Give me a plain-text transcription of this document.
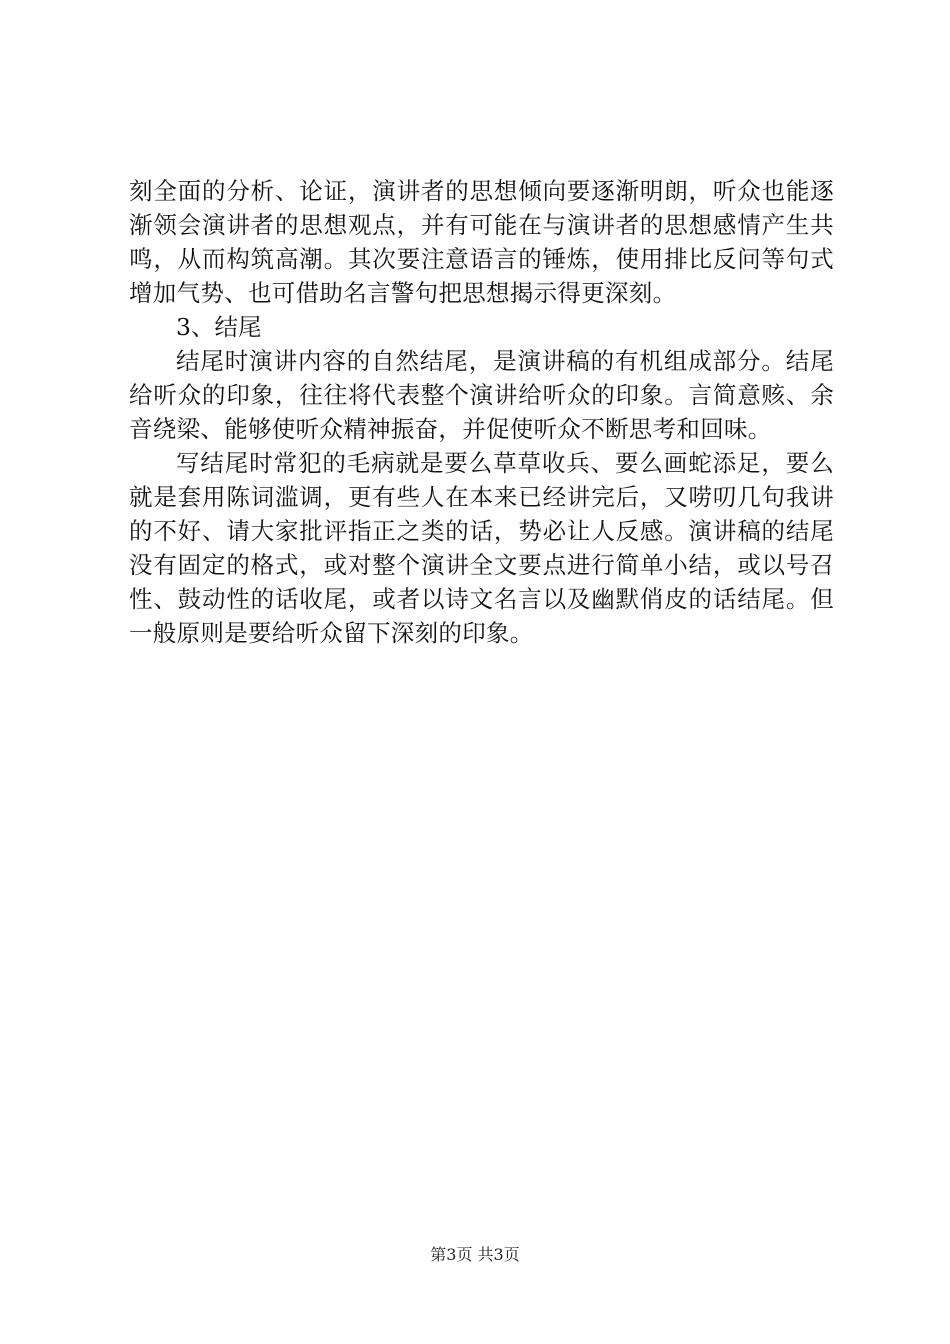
刻全面的分析、论证，演讲者的思想倾向要逐渐明朗，听众也能逐渐领会演讲者的思想观点，并有可能在与演讲者的思想感情产生共鸣，从而构筑高潮。其次要注意语言的锤炼，使用排比反问等句式增加气势、也可借助名言警句把思想揭示得更深刻。

3、结尾

结尾时演讲内容的自然结尾，是演讲稿的有机组成部分。结尾给听众的印象，往往将代表整个演讲给听众的印象。言简意赅、余音绕梁、能够使听众精神振奋，并促使听众不断思考和回味。

写结尾时常犯的毛病就是要么草草收兵、要么画蛇添足，要么就是套用陈词滥调，更有些人在本来已经讲完后，又唠叨几句我讲的不好、请大家批评指正之类的话，势必让人反感。演讲稿的结尾没有固定的格式，或对整个演讲全文要点进行简单小结，或以号召性、鼓动性的话收尾，或者以诗文名言以及幽默俏皮的话结尾。但一般原则是要给听众留下深刻的印象。

第3页 共3页
